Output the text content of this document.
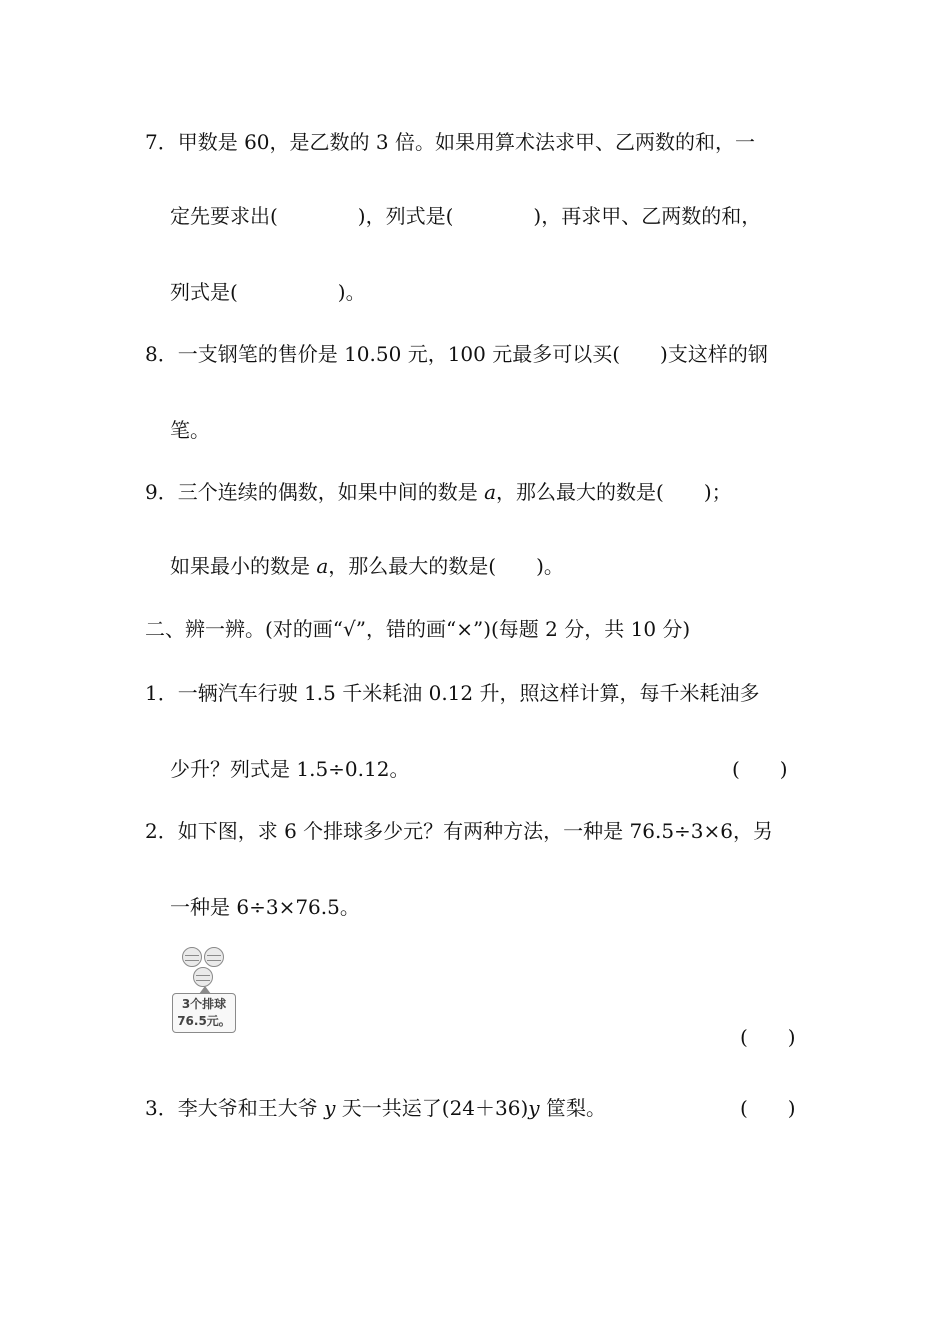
7．甲数是 60，是乙数的 3 倍。如果用算术法求甲、乙两数的和，一
定先要求出(　　　　)，列式是(　　　　)，再求甲、乙两数的和，
列式是(　　　　　)。
8．一支钢笔的售价是 10.50 元，100 元最多可以买(　　)支这样的钢
笔。
9．三个连续的偶数，如果中间的数是 a，那么最大的数是(　　)；
如果最小的数是 a，那么最大的数是(　　)。
二、辨一辨。(对的画“√”，错的画“×”)(每题 2 分，共 10 分)
1．一辆汽车行驶 1.5 千米耗油 0.12 升，照这样计算，每千米耗油多
少升？列式是 1.5÷0.12。	(　　)
2．如下图，求 6 个排球多少元？有两种方法，一种是 76.5÷3×6，另
一种是 6÷3×76.5。
3个排球
76.5元。
(　　)
3．李大爷和王大爷 y 天一共运了(24＋36)y 筐梨。	(　　)
